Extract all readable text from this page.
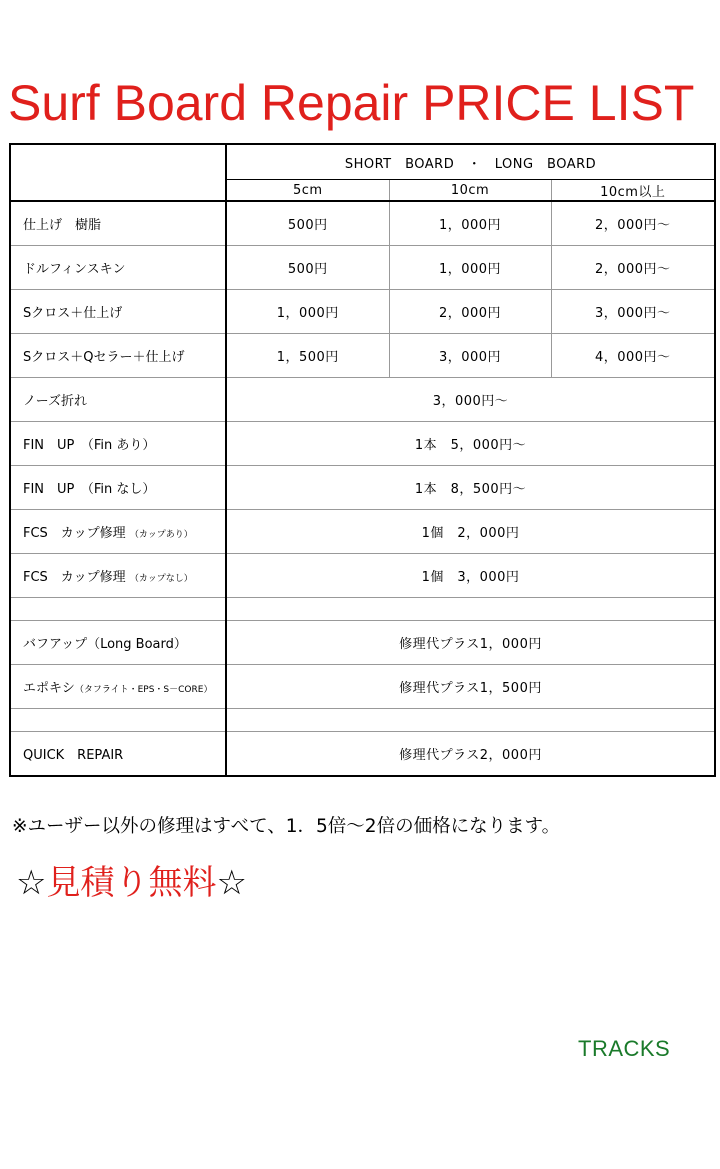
Surf Board Repair PRICE LIST
	SHORT　BOARD　・　LONG　BOARD		
	5cm	10cm	10cm以上
仕上げ　樹脂	500円	1，000円	2，000円～
ドルフィンスキン	500円	1，000円	2，000円～
Sクロス＋仕上げ	1，000円	2，000円	3，000円～
Sクロス＋Qセラー＋仕上げ	1，500円	3，000円	4，000円～
ノーズ折れ	3，000円～		
FIN　UP　（Fin あり）	1本　5，000円～		
FIN　UP　（Fin なし）	1本　8，500円～		
FCS　カップ修理 （カップあり）	1個　2，000円		
FCS　カップ修理 （カップなし）	1個　3，000円		

バフアップ（Long Board）	修理代プラス1，000円		
エポキシ（タフライト・EPS・S－CORE）	修理代プラス1，500円		

QUICK　REPAIR	修理代プラス2，000円		
※ユーザー以外の修理はすべて、1．5倍～2倍の価格になります。
☆見積り無料☆
TRACKS
